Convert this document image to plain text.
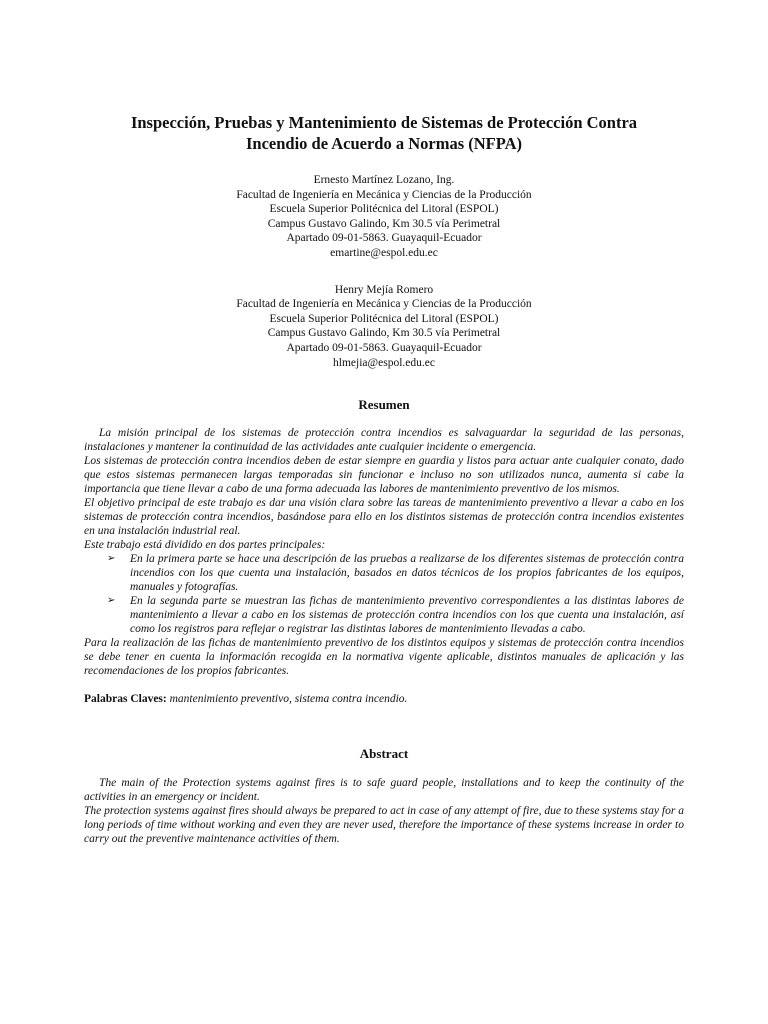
Inspección, Pruebas y Mantenimiento de Sistemas de Protección Contra
Incendio de Acuerdo a Normas (NFPA)
Ernesto Martínez Lozano, Ing.
Facultad de Ingeniería en Mecánica y Ciencias de la Producción
Escuela Superior Politécnica del Litoral (ESPOL)
Campus Gustavo Galindo, Km 30.5 vía Perimetral
Apartado 09-01-5863. Guayaquil-Ecuador
emartine@espol.edu.ec
Henry Mejía Romero
Facultad de Ingeniería en Mecánica y Ciencias de la Producción
Escuela Superior Politécnica del Litoral (ESPOL)
Campus Gustavo Galindo, Km 30.5 vía Perimetral
Apartado 09-01-5863. Guayaquil-Ecuador
hlmejia@espol.edu.ec
Resumen

La misión principal de los sistemas de protección contra incendios es salvaguardar la seguridad de las personas, instalaciones y mantener la continuidad de las actividades ante cualquier incidente o emergencia.

Los sistemas de protección contra incendios deben de estar siempre en guardia y listos para actuar ante cualquier conato, dado que estos sistemas permanecen largas temporadas sin funcionar e incluso no son utilizados nunca, aumenta si cabe la importancia que tiene llevar a cabo de una forma adecuada las labores de mantenimiento preventivo de los mismos.

El objetivo principal de este trabajo es dar una visión clara sobre las tareas de mantenimiento preventivo a llevar a cabo en los sistemas de protección contra incendios, basándose para ello en los distintos sistemas de protección contra incendios existentes en una instalación industrial real.

Este trabajo está dividido en dos partes principales:

➢ En la primera parte se hace una descripción de las pruebas a realizarse de los diferentes sistemas de protección contra incendios con los que cuenta una instalación, basados en datos técnicos de los propios fabricantes de los equipos, manuales y fotografías.
➢ En la segunda parte se muestran las fichas de mantenimiento preventivo correspondientes a las distintas labores de mantenimiento a llevar a cabo en los sistemas de protección contra incendios con los que cuenta una instalación, así como los registros para reflejar o registrar las distintas labores de mantenimiento llevadas a cabo.

Para la realización de las fichas de mantenimiento preventivo de los distintos equipos y sistemas de protección contra incendios se debe tener en cuenta la información recogida en la normativa vigente aplicable, distintos manuales de aplicación y las recomendaciones de los propios fabricantes.

Palabras Claves: mantenimiento preventivo, sistema contra incendio.
Abstract

The main of the Protection systems against fires is to safe guard people, installations and to keep the continuity of the activities in an emergency or incident.

The protection systems against fires should always be prepared to act in case of any attempt of fire, due to these systems stay for a long periods of time without working and even they are never used, therefore the importance of these systems increase in order to carry out the preventive maintenance activities of them.
